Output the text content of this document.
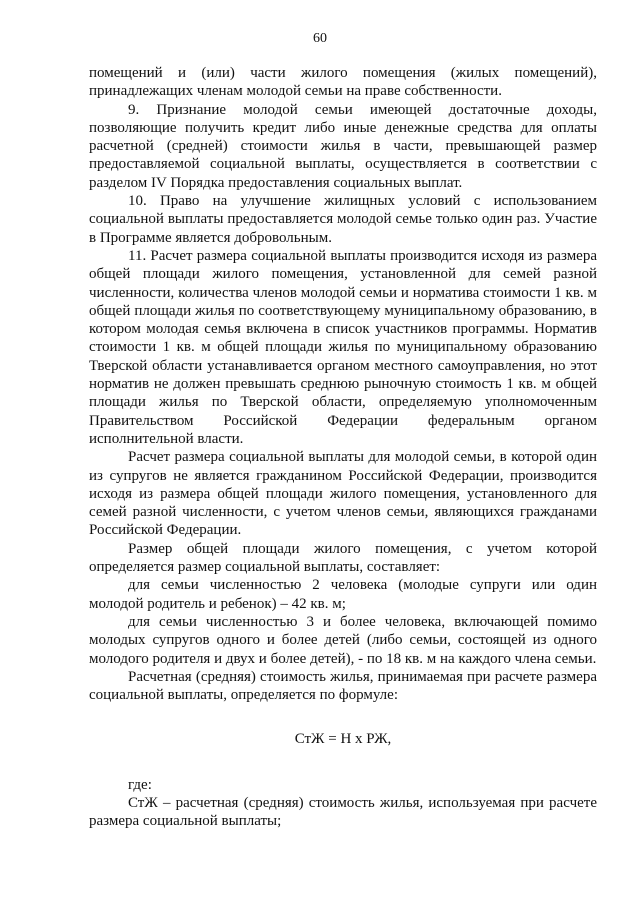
60

помещений и (или) части жилого помещения (жилых помещений), принадлежащих членам молодой семьи на праве собственности.

9. Признание молодой семьи имеющей достаточные доходы, позволяющие получить кредит либо иные денежные средства для оплаты расчетной (средней) стоимости жилья в части, превышающей размер предоставляемой социальной выплаты, осуществляется в соответствии с разделом IV Порядка предоставления социальных выплат.

10. Право на улучшение жилищных условий с использованием социальной выплаты предоставляется молодой семье только один раз. Участие в Программе является добровольным.

11. Расчет размера социальной выплаты производится исходя из размера общей площади жилого помещения, установленной для семей разной численности, количества членов молодой семьи и норматива стоимости 1 кв. м общей площади жилья по соответствующему муниципальному образованию, в котором молодая семья включена в список участников программы. Норматив стоимости 1 кв. м общей площади жилья по муниципальному образованию Тверской области устанавливается органом местного самоуправления, но этот норматив не должен превышать среднюю рыночную стоимость 1 кв. м общей площади жилья по Тверской области, определяемую уполномоченным Правительством Российской Федерации федеральным органом исполнительной власти.

Расчет размера социальной выплаты для молодой семьи, в которой один из супругов не является гражданином Российской Федерации, производится исходя из размера общей площади жилого помещения, установленного для семей разной численности, с учетом членов семьи, являющихся гражданами Российской Федерации.

Размер общей площади жилого помещения, с учетом которой определяется размер социальной выплаты, составляет:

для семьи численностью 2 человека (молодые супруги или один молодой родитель и ребенок) – 42 кв. м;

для семьи численностью 3 и более человека, включающей помимо молодых супругов одного и более детей (либо семьи, состоящей из одного молодого родителя и двух и более детей), - по 18 кв. м на каждого члена семьи.

Расчетная (средняя) стоимость жилья, принимаемая при расчете размера социальной выплаты, определяется по формуле:

СтЖ = Н х РЖ,

где:

СтЖ – расчетная (средняя) стоимость жилья, используемая при расчете размера социальной выплаты;
